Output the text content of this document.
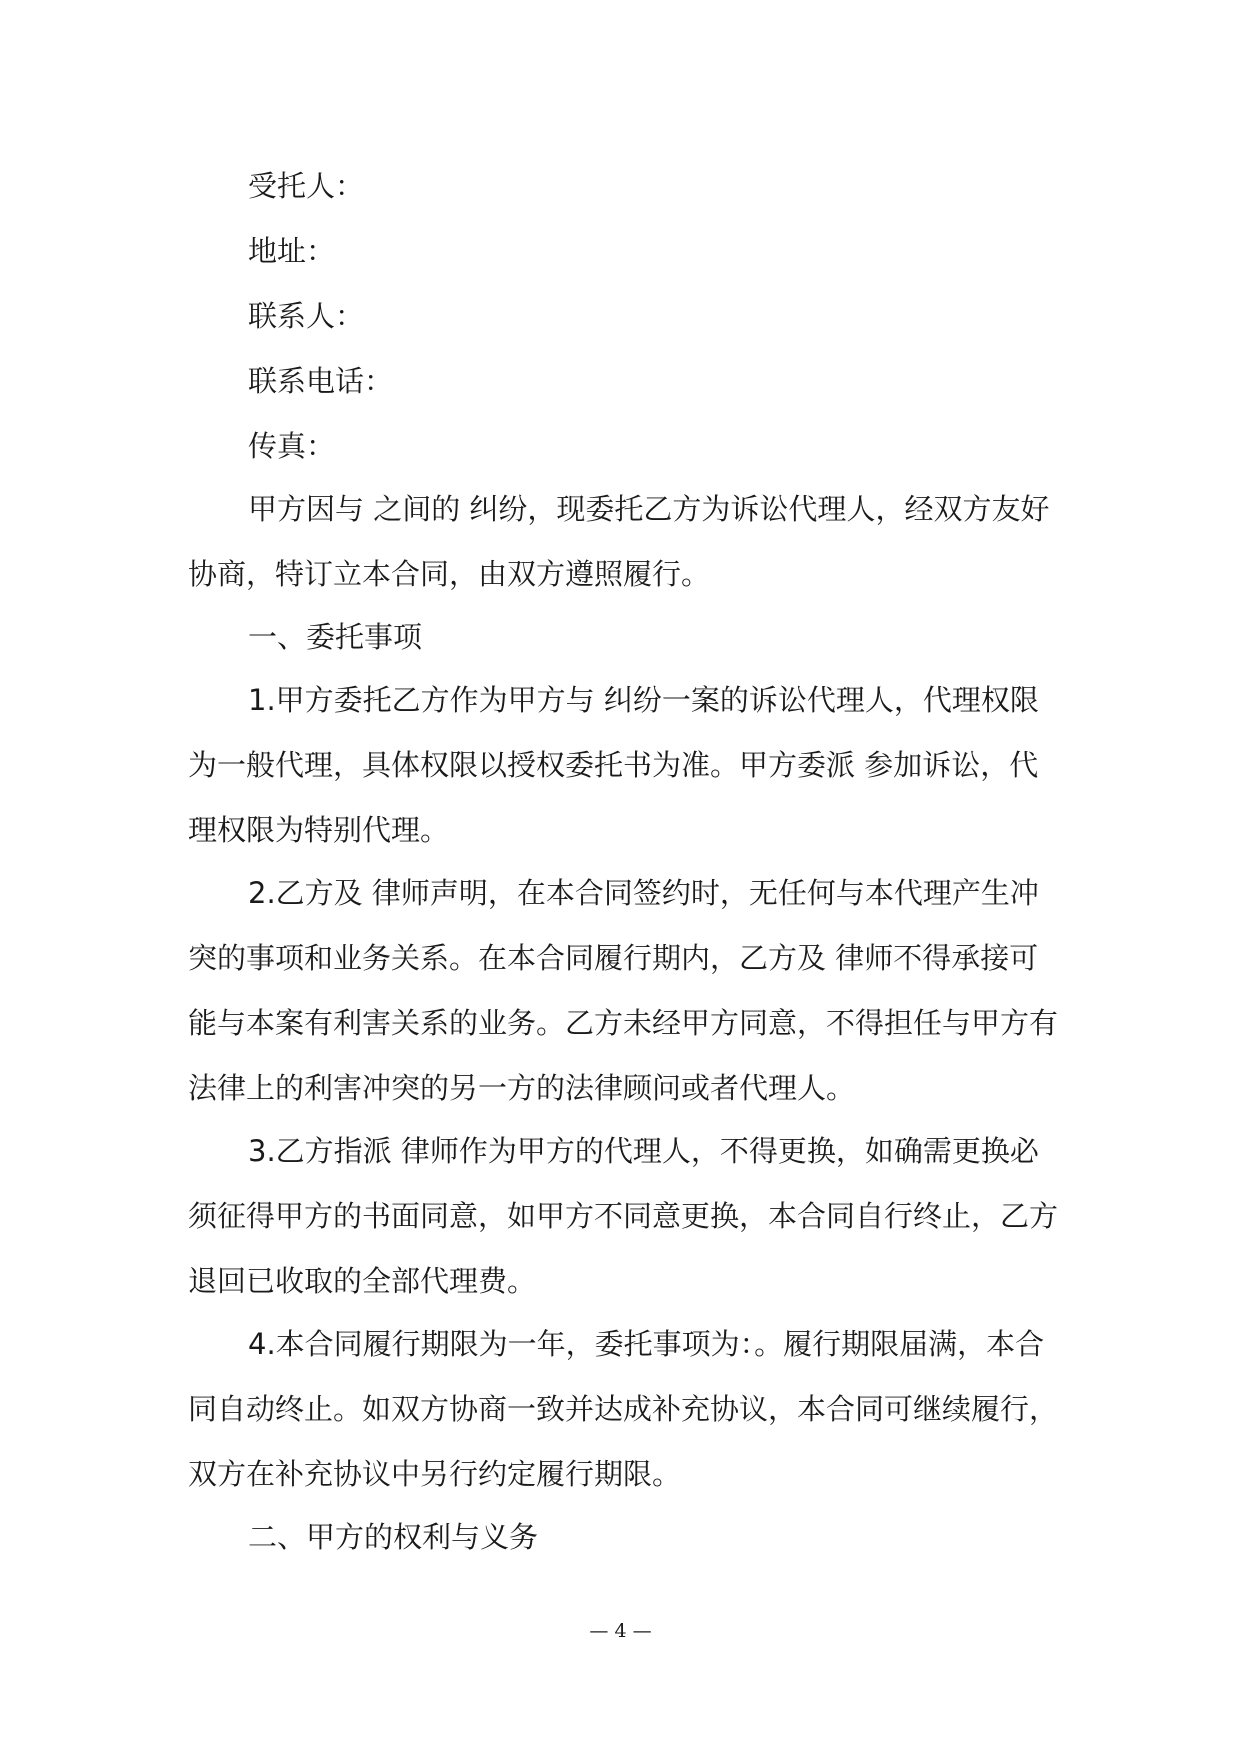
受托人：

地址：

联系人：

联系电话：

传真：

甲方因与 之间的 纠纷，现委托乙方为诉讼代理人，经双方友好

协商，特订立本合同，由双方遵照履行。

一、委托事项

1.甲方委托乙方作为甲方与 纠纷一案的诉讼代理人，代理权限

为一般代理，具体权限以授权委托书为准。甲方委派 参加诉讼，代

理权限为特别代理。

2.乙方及 律师声明，在本合同签约时，无任何与本代理产生冲

突的事项和业务关系。在本合同履行期内，乙方及 律师不得承接可

能与本案有利害关系的业务。乙方未经甲方同意，不得担任与甲方有

法律上的利害冲突的另一方的法律顾问或者代理人。

3.乙方指派 律师作为甲方的代理人，不得更换，如确需更换必

须征得甲方的书面同意，如甲方不同意更换，本合同自行终止，乙方

退回已收取的全部代理费。

4.本合同履行期限为一年，委托事项为：。履行期限届满，本合

同自动终止。如双方协商一致并达成补充协议，本合同可继续履行，

双方在补充协议中另行约定履行期限。

二、甲方的权利与义务

— 4 —
